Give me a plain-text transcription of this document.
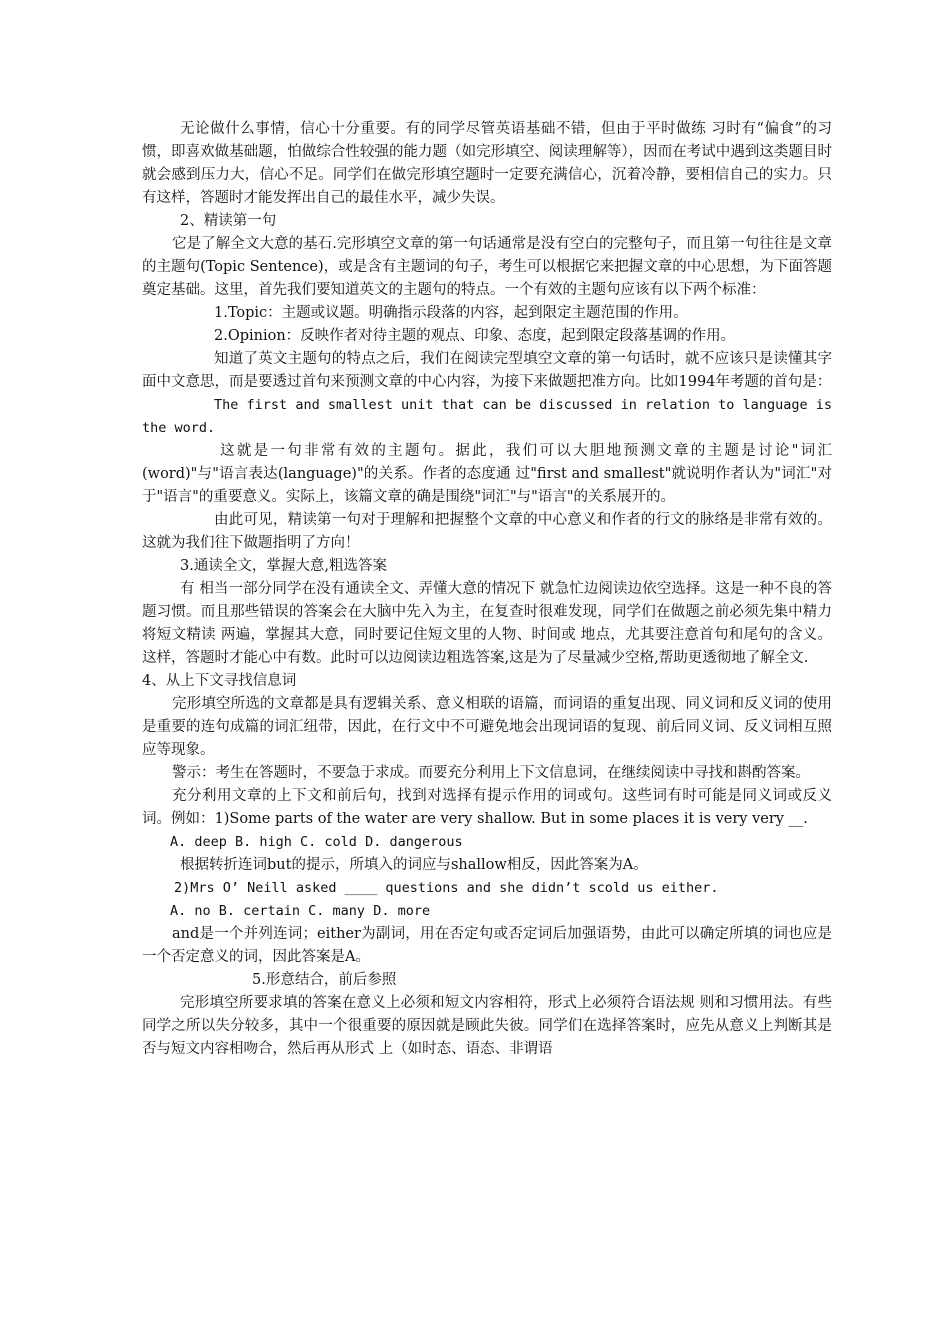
无论做什么事情，信心十分重要。有的同学尽管英语基础不错，但由于平时做练 习时有“偏食”的习惯，即喜欢做基础题，怕做综合性较强的能力题（如完形填空、阅读理解等），因而在考试中遇到这类题目时就会感到压力大，信心不足。同学们在做完形填空题时一定要充满信心，沉着冷静，要相信自己的实力。只有这样，答题时才能发挥出自己的最佳水平，减少失误。

2、精读第一句

它是了解全文大意的基石.完形填空文章的第一句话通常是没有空白的完整句子，而且第一句往往是文章的主题句(Topic Sentence)，或是含有主题词的句子，考生可以根据它来把握文章的中心思想，为下面答题奠定基础。这里，首先我们要知道英文的主题句的特点。一个有效的主题句应该有以下两个标准：

1.Topic：主题或议题。明确指示段落的内容，起到限定主题范围的作用。

2.Opinion：反映作者对待主题的观点、印象、态度，起到限定段落基调的作用。

知道了英文主题句的特点之后，我们在阅读完型填空文章的第一句话时，就不应该只是读懂其字面中文意思，而是要透过首句来预测文章的中心内容，为接下来做题把准方向。比如1994年考题的首句是：

The first and smallest unit that can be discussed in relation to language is the word.

这就是一句非常有效的主题句。据此，我们可以大胆地预测文章的主题是讨论"词汇(word)"与"语言表达(language)"的关系。作者的态度通 过"first and smallest"就说明作者认为"词汇"对于"语言"的重要意义。实际上，该篇文章的确是围绕"词汇"与"语言"的关系展开的。

由此可见，精读第一句对于理解和把握整个文章的中心意义和作者的行文的脉络是非常有效的。这就为我们往下做题指明了方向！

3.通读全文，掌握大意,粗选答案

有 相当一部分同学在没有通读全文、弄懂大意的情况下 就急忙边阅读边依空选择。这是一种不良的答题习惯。而且那些错误的答案会在大脑中先入为主，在复查时很难发现，同学们在做题之前必须先集中精力将短文精读 两遍，掌握其大意，同时要记住短文里的人物、时间或 地点，尤其要注意首句和尾句的含义。这样，答题时才能心中有数。此时可以边阅读边粗选答案,这是为了尽量减少空格,帮助更透彻地了解全文.

4、从上下文寻找信息词

完形填空所选的文章都是具有逻辑关系、意义相联的语篇，而词语的重复出现、同义词和反义词的使用是重要的连句成篇的词汇纽带，因此，在行文中不可避免地会出现词语的复现、前后同义词、反义词相互照应等现象。

警示：考生在答题时，不要急于求成。而要充分利用上下文信息词，在继续阅读中寻找和斟酌答案。

充分利用文章的上下文和前后句，找到对选择有提示作用的词或句。这些词有时可能是同义词或反义词。例如：1)Some parts of the water are very shallow. But in some places it is very very __.

A. deep B. high C. cold D. dangerous

根据转折连词but的提示，所填入的词应与shallow相反，因此答案为A。

2)Mrs O’ Neill asked ____ questions and she didn’t scold us either.

A. no B. certain C. many D. more

and是一个并列连词；either为副词，用在否定句或否定词后加强语势，由此可以确定所填的词也应是一个否定意义的词，因此答案是A。

5.形意结合，前后参照

完形填空所要求填的答案在意义上必须和短文内容相符，形式上必须符合语法规 则和习惯用法。有些同学之所以失分较多，其中一个很重要的原因就是顾此失彼。同学们在选择答案时，应先从意义上判断其是否与短文内容相吻合，然后再从形式 上（如时态、语态、非谓语
